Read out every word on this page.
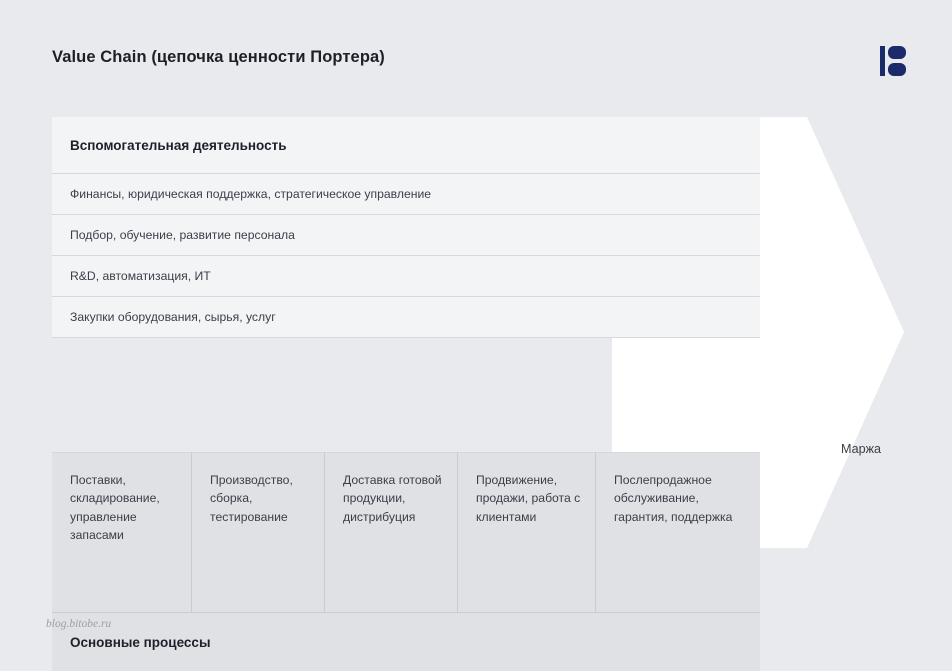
Value Chain (цепочка ценности Портера)
Вспомогательная деятельность
Финансы, юридическая поддержка, стратегическое управление
Подбор, обучение, развитие персонала
R&D, автоматизация, ИТ
Закупки оборудования, сырья, услуг
Поставки, складирование, управление запасами
Производство, сборка, тестирование
Доставка готовой продукции, дистрибуция
Продвижение, продажи, работа с клиентами
Послепродажное обслуживание, гарантия, поддержка
Основные процессы
Маржа
blog.bitobe.ru
